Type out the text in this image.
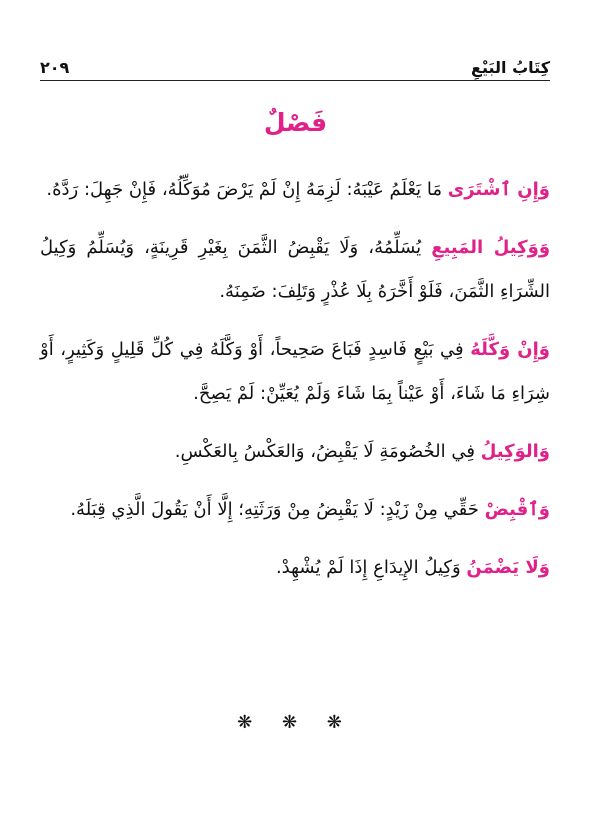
كِتَابُ البَيْعِ
٢٠٩
فَصْلٌ

وَإِنِ ٱشْتَرَى مَا يَعْلَمُ عَيْبَهُ: لَزِمَهُ إِنْ لَمْ يَرْضَ مُوَكِّلُهُ، فَإِنْ جَهِلَ: رَدَّهُ.

وَوَكِيلُ المَبِيعِ يُسَلِّمُهُ، وَلَا يَقْبِضُ الثَّمَنَ بِغَيْرِ قَرِينَةٍ، وَيُسَلِّمُ وَكِيلُ الشِّرَاءِ الثَّمَنَ، فَلَوْ أَخَّرَهُ بِلَا عُذْرٍ وَتَلِفَ: ضَمِنَهُ.

وَإِنْ وَكَّلَهُ فِي بَيْعٍ فَاسِدٍ فَبَاعَ صَحِيحاً، أَوْ وَكَّلَهُ فِي كُلِّ قَلِيلٍ وَكَثِيرٍ، أَوْ شِرَاءِ مَا شَاءَ، أَوْ عَيْناً بِمَا شَاءَ وَلَمْ يُعَيِّنْ: لَمْ يَصِحَّ.

وَالوَكِيلُ فِي الخُصُومَةِ لَا يَقْبِضُ، وَالعَكْسُ بِالعَكْسِ.

وَٱقْبِضْ حَقِّي مِنْ زَيْدٍ: لَا يَقْبِضُ مِنْ وَرَثَتِهِ؛ إِلَّا أَنْ يَقُولَ الَّذِي قِبَلَهُ.

وَلَا يَضْمَنُ وَكِيلُ الإِيدَاعِ إِذَا لَمْ يُشْهِدْ.

❋ ❋ ❋
